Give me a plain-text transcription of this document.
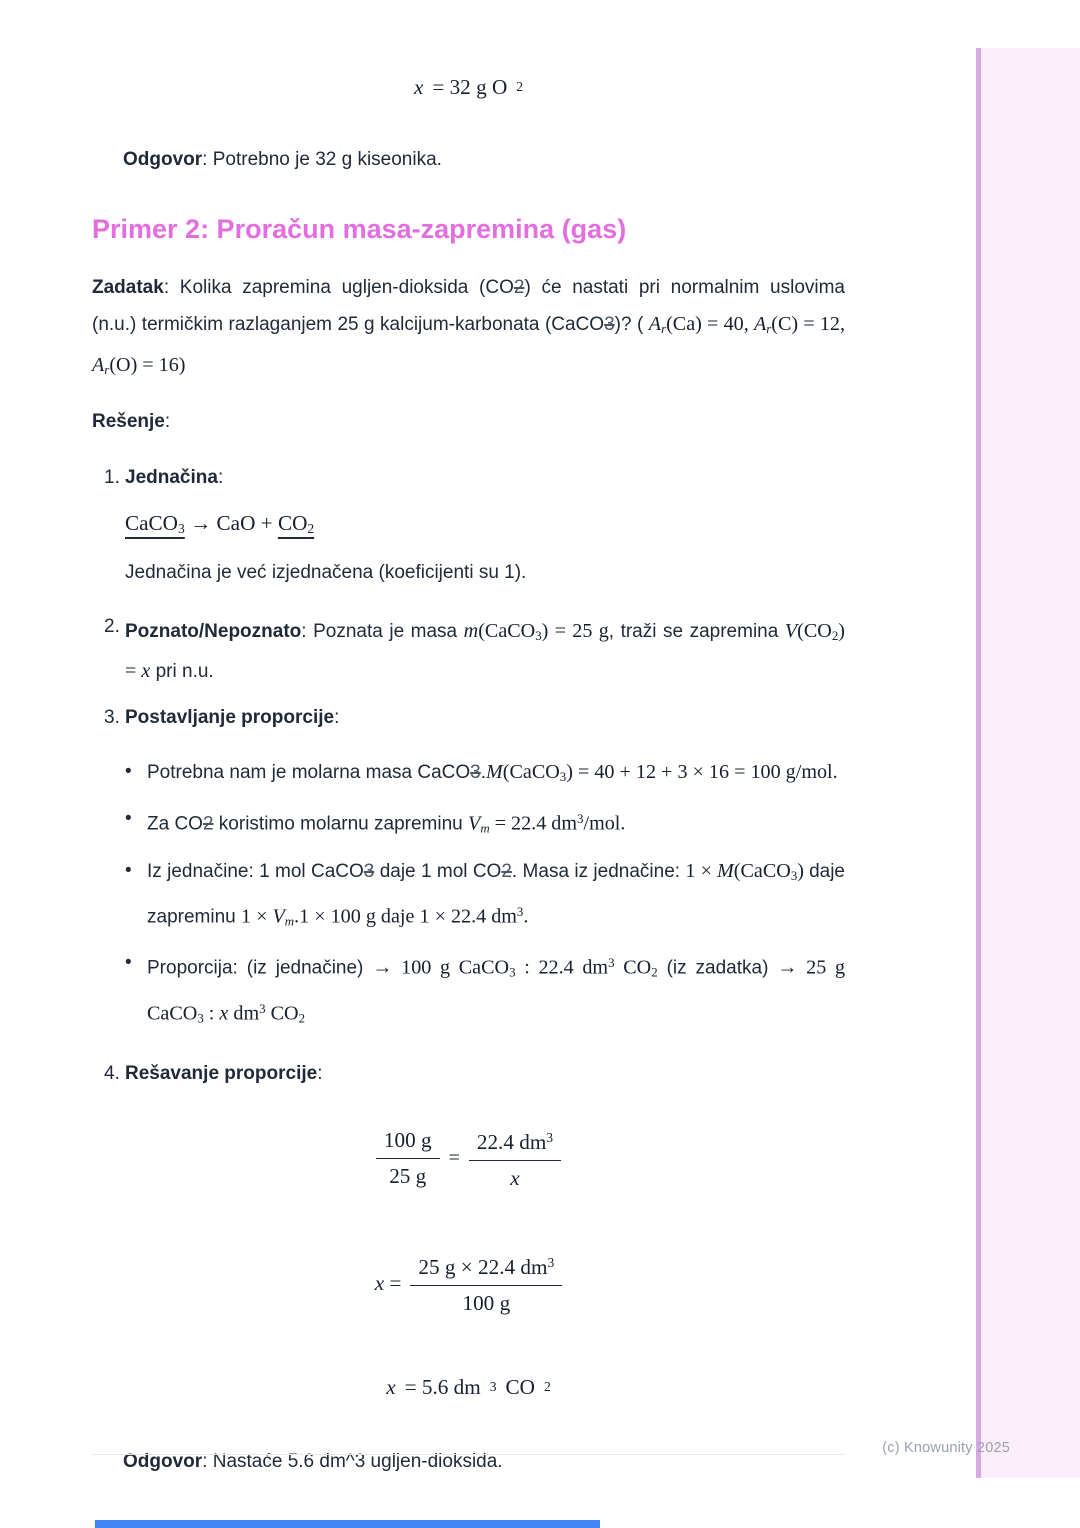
x = 32 g O 2

Odgovor: Potrebno je 32 g kiseonika.

Primer 2: Proračun masa-zapremina (gas)

Zadatak: Kolika zapremina ugljen-dioksida (CO2) će nastati pri normalnim uslovima (n.u.) termičkim razlaganjem 25 g kalcijum-karbonata (CaCO3)? ( Ar(Ca) = 40, Ar(C) = 12, Ar(O) = 16)

Rešenje:

1. Jednačina:

CaCO3 → CaO + CO2

Jednačina je već izjednačena (koeficijenti su 1).

2. Poznato/Nepoznato: Poznata je masa m(CaCO3) = 25 g, traži se zapremina V(CO2) = x pri n.u.

3. Postavljanje proporcije:

• Potrebna nam je molarna masa CaCO3.M(CaCO3) = 40 + 12 + 3 × 16 = 100 g/mol.
• Za CO2 koristimo molarnu zapreminu Vm = 22.4 $dm^3$/mol.
• Iz jednačine: 1 mol CaCO3 daje 1 mol CO2. Masa iz jednačine: 1 × M(CaCO3) daje zapreminu 1 × Vm.1 × 100 g daje 1 × 22.4 $dm^3$.
• Proporcija: (iz jednačine) → 100 g CaCO3 : 22.4 $dm^3$ CO2 (iz zadatka) → 25 g CaCO3 : x $dm^3$ CO2
4. Rešavanje proporcije:

$\frac{100 g}{25 g} = \frac{22.4 dm^3}{x}$
$x = \frac{25 g \times 22.4 dm^3}{100 g}$
x = 5.6 dm 3 CO 2

Odgovor: Nastaće 5.6 dm^3 ugljen-dioksida.

(c) Knowunity 2025
